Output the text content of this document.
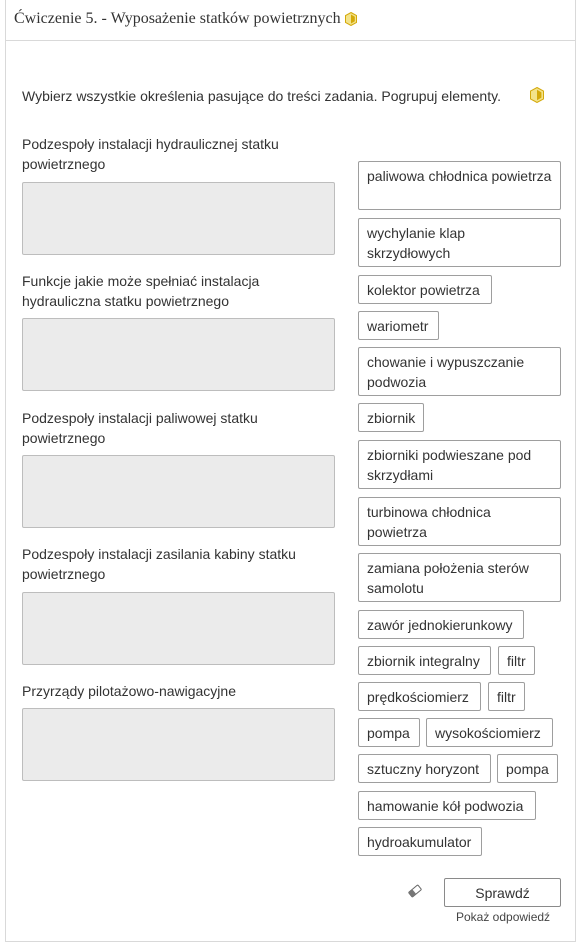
Ćwiczenie 5. - Wyposażenie statków powietrznych
Wybierz wszystkie określenia pasujące do treści zadania. Pogrupuj elementy.
Podzespoły instalacji hydraulicznej statku powietrznego
Funkcje jakie może spełniać instalacja hydrauliczna statku powietrznego
Podzespoły instalacji paliwowej statku powietrznego
Podzespoły instalacji zasilania kabiny statku powietrznego
Przyrządy pilotażowo-nawigacyjne
paliwowa chłodnica powietrza
wychylanie klap skrzydłowych
kolektor powietrza
wariometr
chowanie i wypuszczanie podwozia
zbiornik
zbiorniki podwieszane pod skrzydłami
turbinowa chłodnica powietrza
zamiana położenia sterów samolotu
zawór jednokierunkowy
zbiornik integralny	filtr
prędkościomierz	filtr
pompa	wysokościomierz
sztuczny horyzont	pompa
hamowanie kół podwozia
hydroakumulator
Sprawdź
Pokaż odpowiedź
